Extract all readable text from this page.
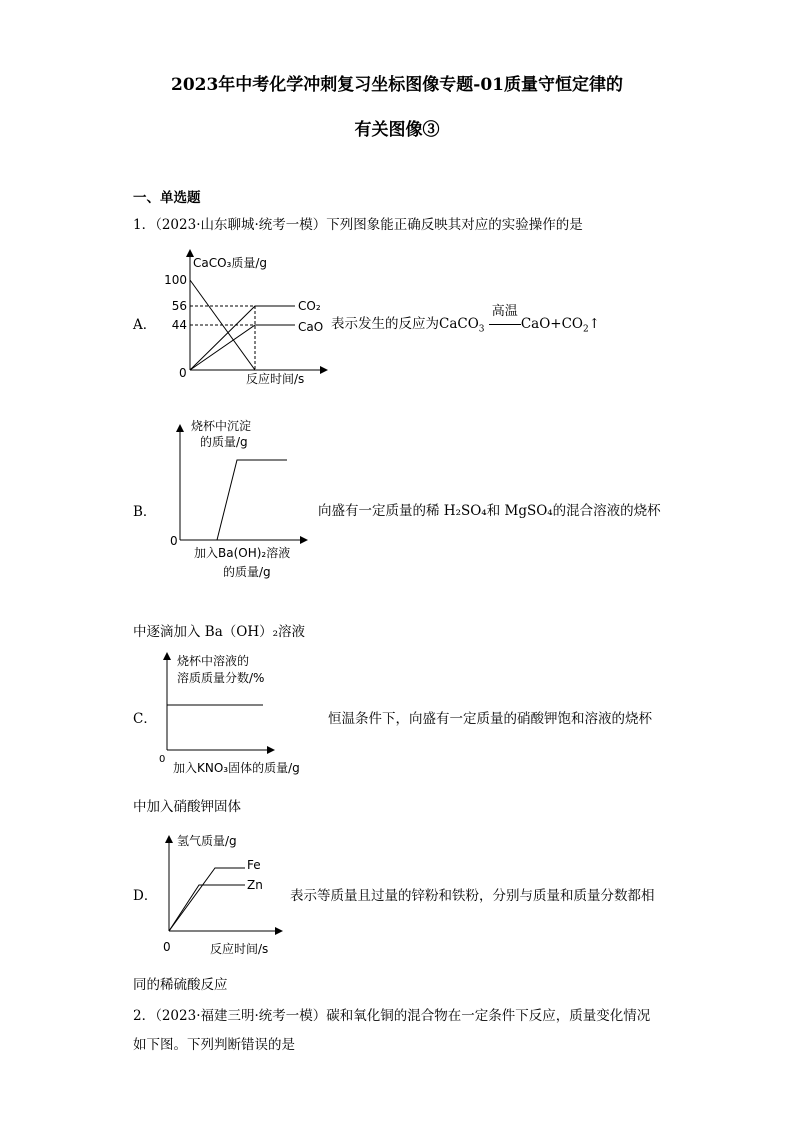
2023年中考化学冲刺复习坐标图像专题-01质量守恒定律的
有关图像③
一、单选题
1．（2023·山东聊城·统考一模）下列图象能正确反映其对应的实验操作的是
A．
CaCO₃质量/g
100
56
44
0	反应时间/s
CO₂
CaO 表示发生的反应为CaCO$_3$
高温
$CaO+CO_2↑$
B．
烧杯中沉淀
的质量/g
0
加入Ba(OH)₂溶液
的质量/g
向盛有一定质量的稀 H₂SO₄和 MgSO₄的混合溶液的烧杯
中逐滴加入 Ba（OH）₂溶液
C．
烧杯中溶液的
溶质质量分数/%
0
加入KNO₃固体的质量/g
恒温条件下，向盛有一定质量的硝酸钾饱和溶液的烧杯
中加入硝酸钾固体
D．
氢气质量/g
Fe
Zn
0	反应时间/s
表示等质量且过量的锌粉和铁粉，分别与质量和质量分数都相
同的稀硫酸反应
2．（2023·福建三明·统考一模）碳和氧化铜的混合物在一定条件下反应，质量变化情况
如下图。下列判断错误的是
